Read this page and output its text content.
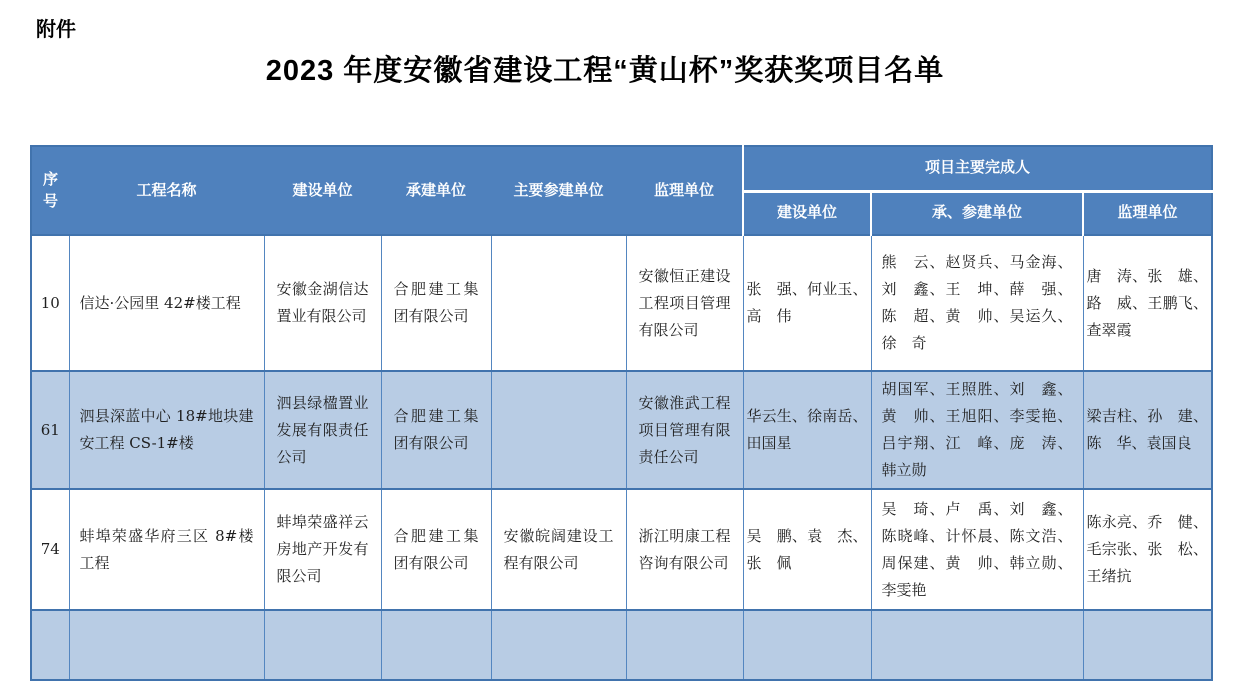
附件
2023 年度安徽省建设工程“黄山杯”奖获奖项目名单
序号	工程名称	建设单位	承建单位	主要参建单位	监理单位	项目主要完成人		
						建设单位	承、参建单位	监理单位
10	信达·公园里 42#楼工程	安徽金湖信达置业有限公司	合肥建工集团有限公司		安徽恒正建设工程项目管理有限公司	张　强、何业玉、高　伟	熊　云、赵贤兵、马金海、刘　鑫、王　坤、薛　强、陈　超、黄　帅、吴运久、徐　奇	唐　涛、张　雄、路　威、王鹏飞、查翠霞
61	泗县深蓝中心 18#地块建安工程 CS-1#楼	泗县绿楹置业发展有限责任公司	合肥建工集团有限公司		安徽淮武工程项目管理有限责任公司	华云生、徐南岳、田国星	胡国军、王照胜、刘　鑫、黄　帅、王旭阳、李雯艳、吕宇翔、江　峰、庞　涛、韩立勋	梁吉柱、孙　建、陈　华、袁国良
74	蚌埠荣盛华府三区 8#楼工程	蚌埠荣盛祥云房地产开发有限公司	合肥建工集团有限公司	安徽皖阔建设工程有限公司	浙江明康工程咨询有限公司	吴　鹏、袁　杰、张　佩	吴　琦、卢　禹、刘　鑫、陈晓峰、计怀晨、陈文浩、周保建、黄　帅、韩立勋、李雯艳	陈永亮、乔　健、毛宗张、张　松、王绪抗
